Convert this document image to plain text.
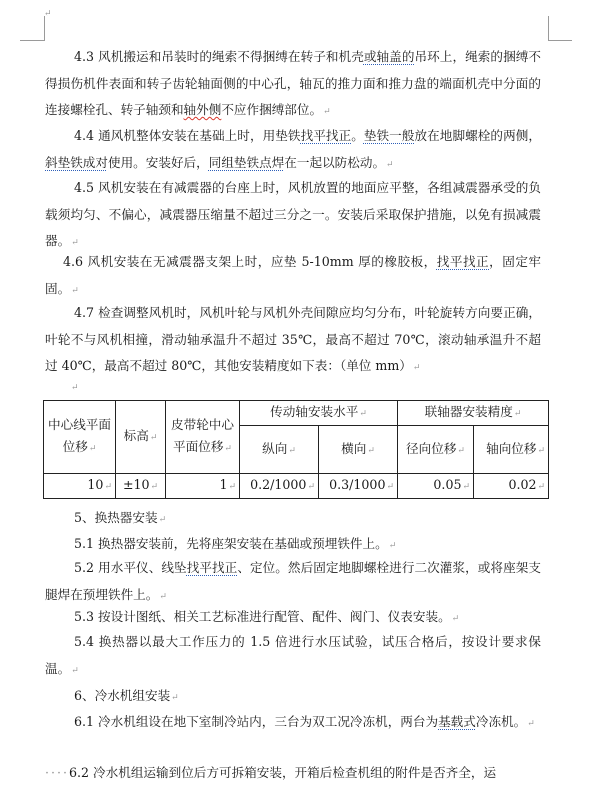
↵
4.3 风机搬运和吊装时的绳索不得捆缚在转子和机壳或轴盖的吊环上，绳索的捆缚不得损伤机件表面和转子齿轮轴面侧的中心孔，轴瓦的推力面和推力盘的端面机壳中分面的连接螺栓孔、转子轴颈和轴外侧不应作捆缚部位。↵
4.4 通风机整体安装在基础上时，用垫铁找平找正。垫铁一般放在地脚螺栓的两侧，斜垫铁成对使用。安装好后，同组垫铁点焊在一起以防松动。↵
4.5 风机安装在有减震器的台座上时，风机放置的地面应平整，各组减震器承受的负载须均匀、不偏心，减震器压缩量不超过三分之一。安装后采取保护措施，以免有损减震器。↵
4.6 风机安装在无减震器支架上时，应垫 5-10mm 厚的橡胶板，找平找正，固定牢固。↵
4.7 检查调整风机时，风机叶轮与风机外壳间隙应均匀分布，叶轮旋转方向要正确，叶轮不与风机相撞，滑动轴承温升不超过 35℃，最高不超过 70℃，滚动轴承温升不超过 40℃，最高不超过 80℃，其他安装精度如下表：（单位 mm）↵
↵
中心线平面位移↵	标高↵	皮带轮中心平面位移↵	传动轴安装水平↵		联轴器安装精度↵	
			纵向↵	横向↵	径向位移↵	轴向位移↵
10↵	±10↵	1↵	0.2/1000↵	0.3/1000↵	0.05↵	0.02↵
5、换热器安装↵
5.1 换热器安装前，先将座架安装在基础或预埋铁件上。↵
5.2 用水平仪、线坠找平找正、定位。然后固定地脚螺栓进行二次灌浆，或将座架支腿焊在预埋铁件上。↵
5.3 按设计图纸、相关工艺标准进行配管、配件、阀门、仪表安装。↵
5.4 换热器以最大工作压力的 1.5 倍进行水压试验，试压合格后，按设计要求保温。↵
6、冷水机组安装↵
6.1 冷水机组设在地下室制冷站内，三台为双工况冷冻机，两台为基载式冷冻机。↵
····6.2 冷水机组运输到位后方可拆箱安装，开箱后检查机组的附件是否齐全，运
